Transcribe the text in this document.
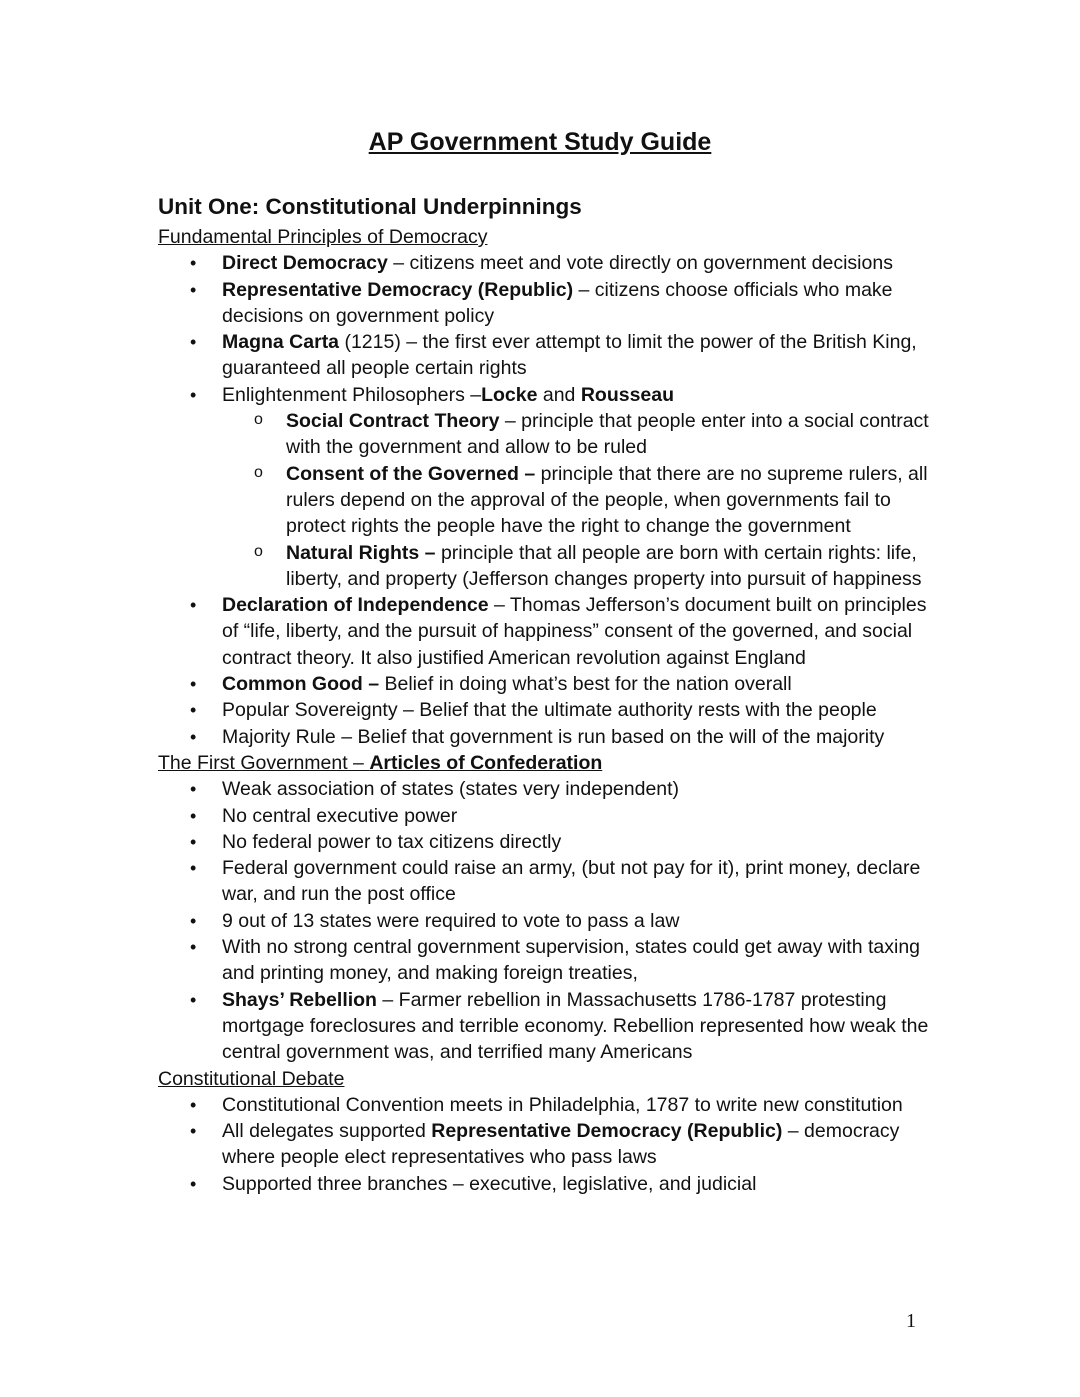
AP Government Study Guide
Unit One: Constitutional Underpinnings
Fundamental Principles of Democracy
• Direct Democracy – citizens meet and vote directly on government decisions
• Representative Democracy (Republic) – citizens choose officials who make decisions on government policy
• Magna Carta (1215) – the first ever attempt to limit the power of the British King, guaranteed all people certain rights
• Enlightenment Philosophers –Locke and Rousseau
o Social Contract Theory – principle that people enter into a social contract with the government and allow to be ruled
o Consent of the Governed – principle that there are no supreme rulers, all rulers depend on the approval of the people, when governments fail to protect rights the people have the right to change the government
o Natural Rights – principle that all people are born with certain rights: life, liberty, and property (Jefferson changes property into pursuit of happiness
• Declaration of Independence – Thomas Jefferson’s document built on principles of “life, liberty, and the pursuit of happiness” consent of the governed, and social contract theory. It also justified American revolution against England
• Common Good – Belief in doing what’s best for the nation overall
• Popular Sovereignty – Belief that the ultimate authority rests with the people
• Majority Rule – Belief that government is run based on the will of the majority
The First Government – Articles of Confederation
• Weak association of states (states very independent)
• No central executive power
• No federal power to tax citizens directly
• Federal government could raise an army, (but not pay for it), print money, declare war, and run the post office
• 9 out of 13 states were required to vote to pass a law
• With no strong central government supervision, states could get away with taxing and printing money, and making foreign treaties,
• Shays’ Rebellion – Farmer rebellion in Massachusetts 1786-1787 protesting mortgage foreclosures and terrible economy. Rebellion represented how weak the central government was, and terrified many Americans
Constitutional Debate
• Constitutional Convention meets in Philadelphia, 1787 to write new constitution
• All delegates supported Representative Democracy (Republic) – democracy where people elect representatives who pass laws
• Supported three branches – executive, legislative, and judicial
1
